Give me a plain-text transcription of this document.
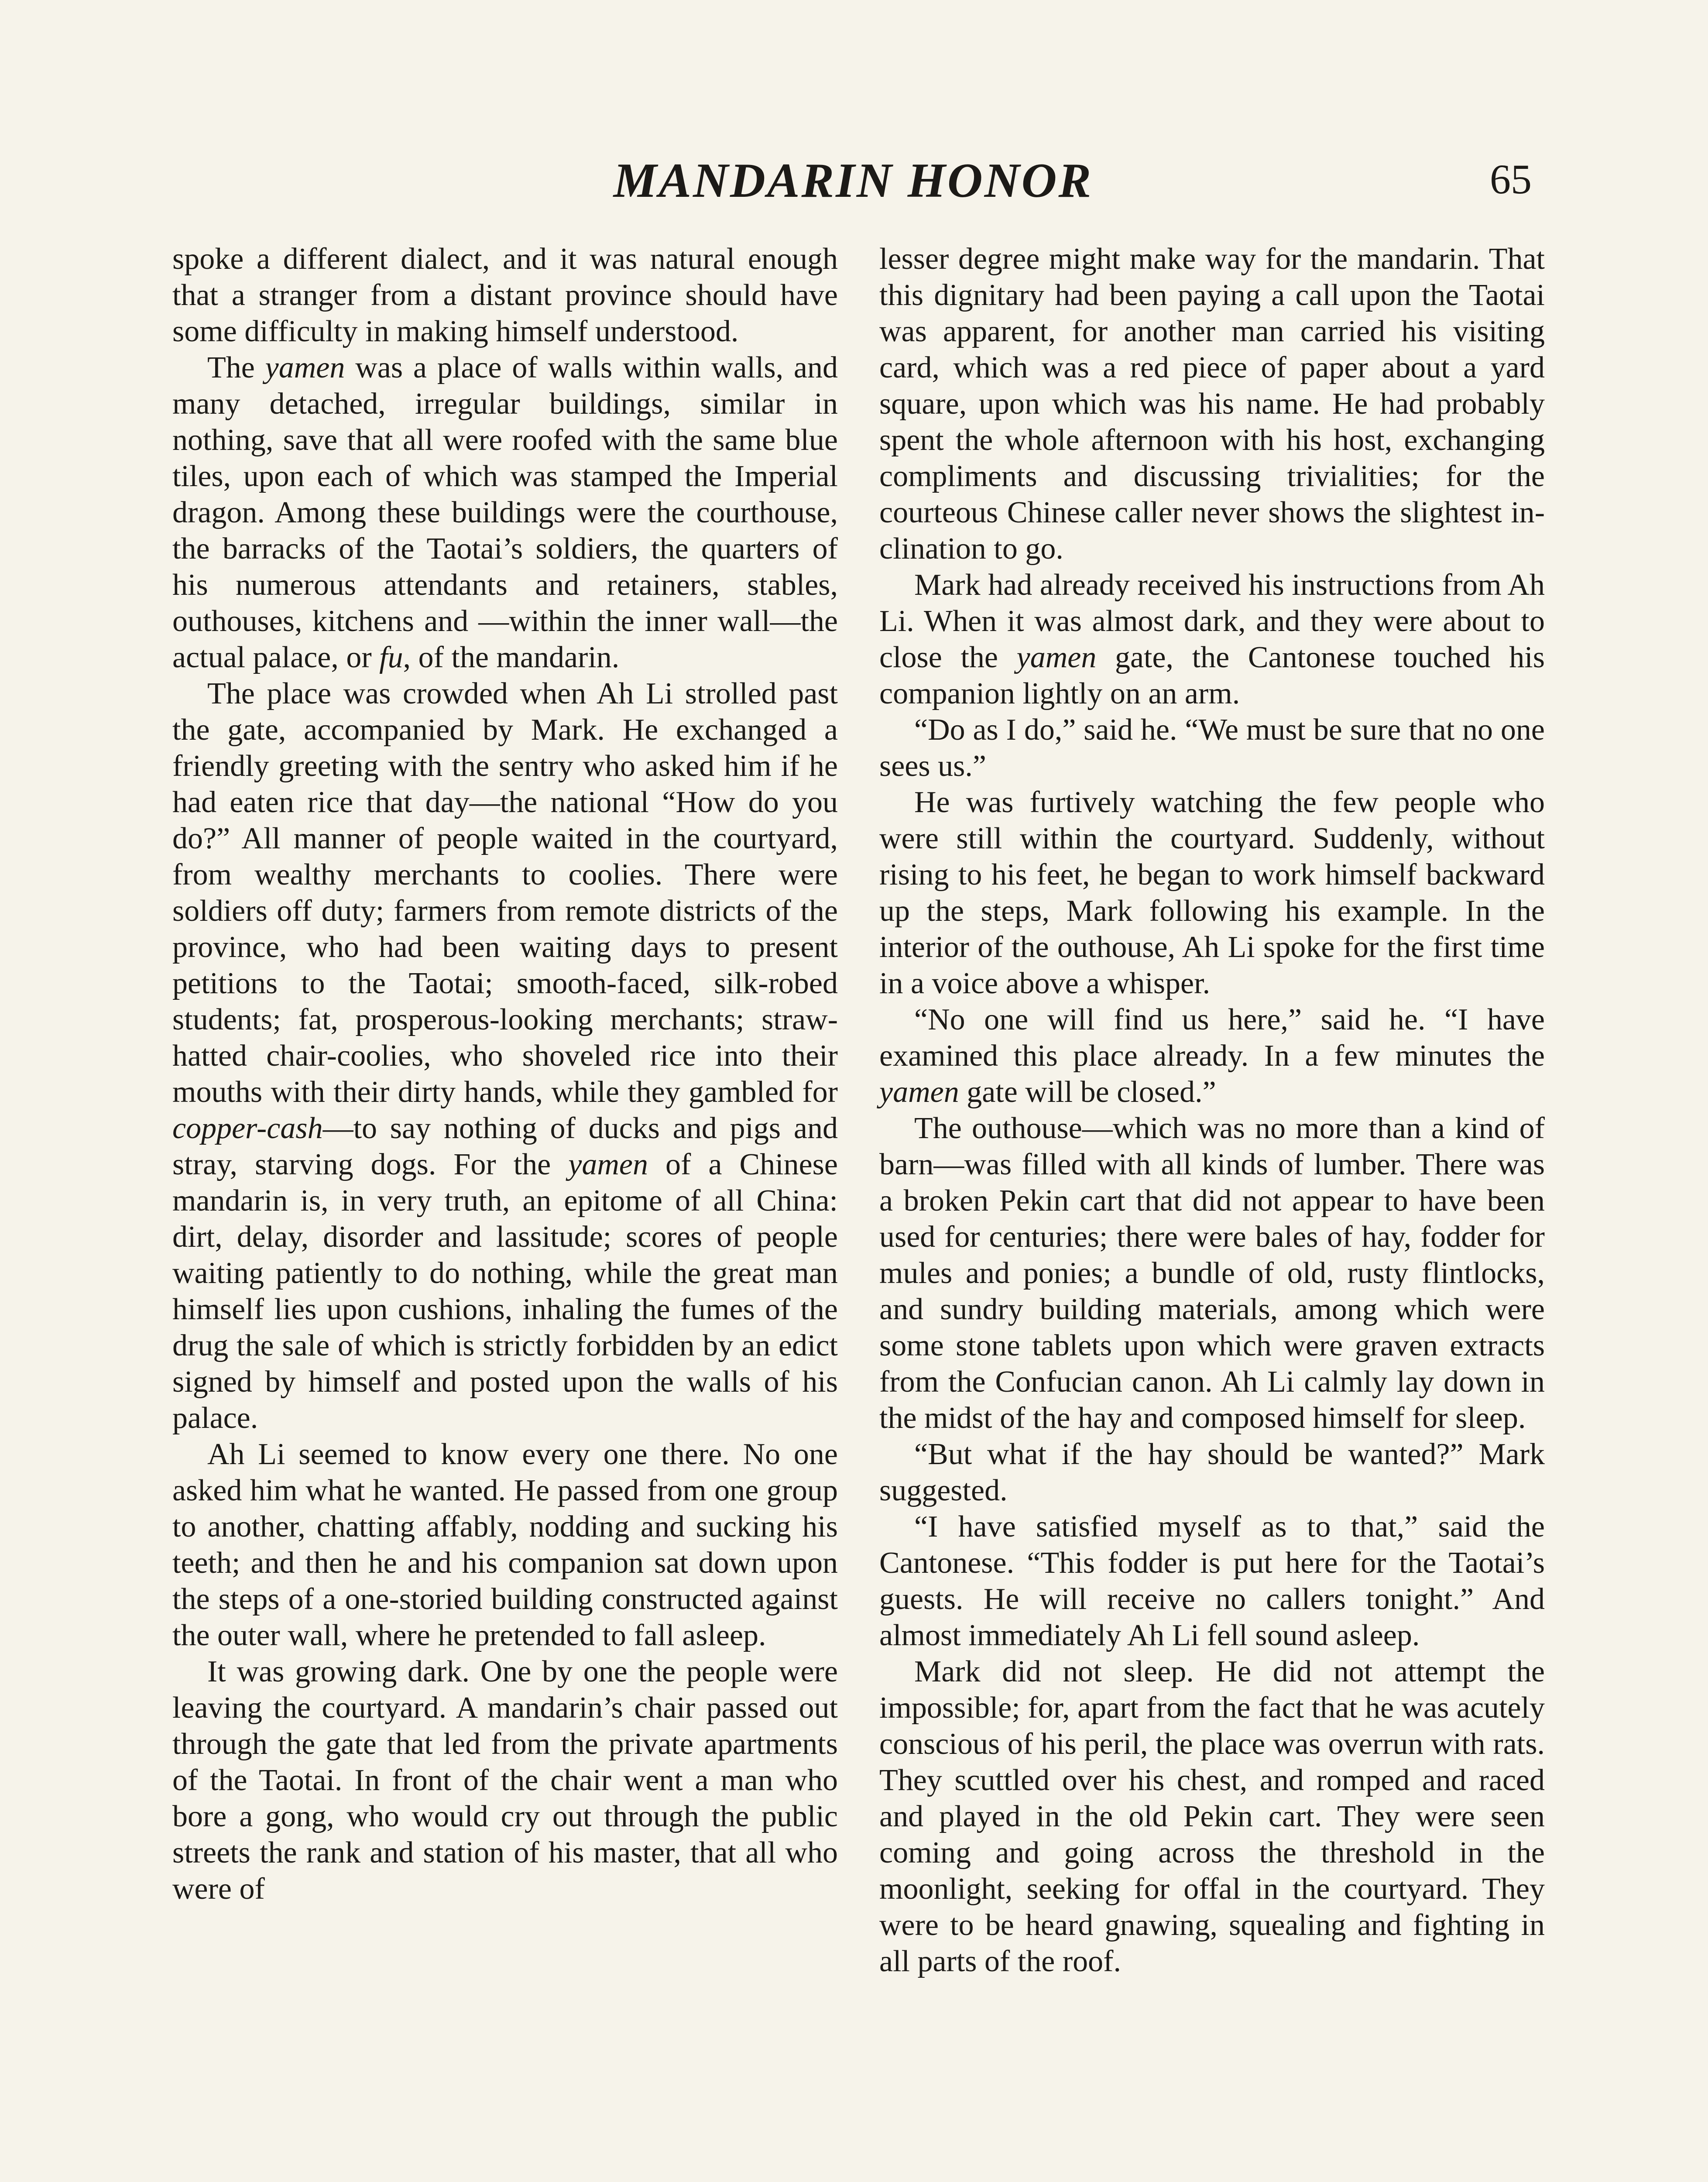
MANDARIN HONOR	65

spoke a different dialect, and it was natural enough that a stranger from a distant province should have some difficulty in making himself understood.

The yamen was a place of walls within walls, and many detached, irregular buildings, similar in nothing, save that all were roofed with the same blue tiles, upon each of which was stamped the Imperial dragon. Among these buildings were the courthouse, the barracks of the Taotai’s soldiers, the quarters of his numerous attendants and retainers, stables, outhouses, kitchens and —within the inner wall—the actual palace, or fu, of the mandarin.

The place was crowded when Ah Li strolled past the gate, accompanied by Mark. He exchanged a friendly greeting with the sentry who asked him if he had eaten rice that day—the national “How do you do?” All manner of people waited in the courtyard, from wealthy merchants to coolies. There were soldiers off duty; farmers from remote districts of the province, who had been waiting days to present petitions to the Taotai; smooth-faced, silk-robed students; fat, prosperous-looking merchants; straw-hatted chair-coolies, who shoveled rice into their mouths with their dirty hands, while they gambled for copper-cash—to say nothing of ducks and pigs and stray, starving dogs. For the yamen of a Chinese mandarin is, in very truth, an epitome of all China: dirt, delay, disorder and lassitude; scores of people waiting patiently to do nothing, while the great man himself lies upon cushions, inhaling the fumes of the drug the sale of which is strictly forbidden by an edict signed by himself and posted upon the walls of his palace.

Ah Li seemed to know every one there. No one asked him what he wanted. He passed from one group to another, chatting affably, nodding and sucking his teeth; and then he and his companion sat down upon the steps of a one-storied building constructed against the outer wall, where he pretended to fall asleep.

It was growing dark. One by one the people were leaving the courtyard. A mandarin’s chair passed out through the gate that led from the private apartments of the Taotai. In front of the chair went a man who bore a gong, who would cry out through the public streets the rank and station of his master, that all who were of

lesser degree might make way for the mandarin. That this dignitary had been paying a call upon the Taotai was apparent, for another man carried his visiting card, which was a red piece of paper about a yard square, upon which was his name. He had probably spent the whole afternoon with his host, exchanging compliments and discussing trivialities; for the courteous Chinese caller never shows the slightest inclination to go.

Mark had already received his instructions from Ah Li. When it was almost dark, and they were about to close the yamen gate, the Cantonese touched his companion lightly on an arm.

“Do as I do,” said he. “We must be sure that no one sees us.”

He was furtively watching the few people who were still within the courtyard. Suddenly, without rising to his feet, he began to work himself backward up the steps, Mark following his example. In the interior of the outhouse, Ah Li spoke for the first time in a voice above a whisper.

“No one will find us here,” said he. “I have examined this place already. In a few minutes the yamen gate will be closed.”

The outhouse—which was no more than a kind of barn—was filled with all kinds of lumber. There was a broken Pekin cart that did not appear to have been used for centuries; there were bales of hay, fodder for mules and ponies; a bundle of old, rusty flintlocks, and sundry building materials, among which were some stone tablets upon which were graven extracts from the Confucian canon. Ah Li calmly lay down in the midst of the hay and composed himself for sleep.

“But what if the hay should be wanted?” Mark suggested.

“I have satisfied myself as to that,” said the Cantonese. “This fodder is put here for the Taotai’s guests. He will receive no callers tonight.” And almost immediately Ah Li fell sound asleep.

Mark did not sleep. He did not attempt the impossible; for, apart from the fact that he was acutely conscious of his peril, the place was overrun with rats. They scuttled over his chest, and romped and raced and played in the old Pekin cart. They were seen coming and going across the threshold in the moonlight, seeking for offal in the courtyard. They were to be heard gnawing, squealing and fighting in all parts of the roof.
